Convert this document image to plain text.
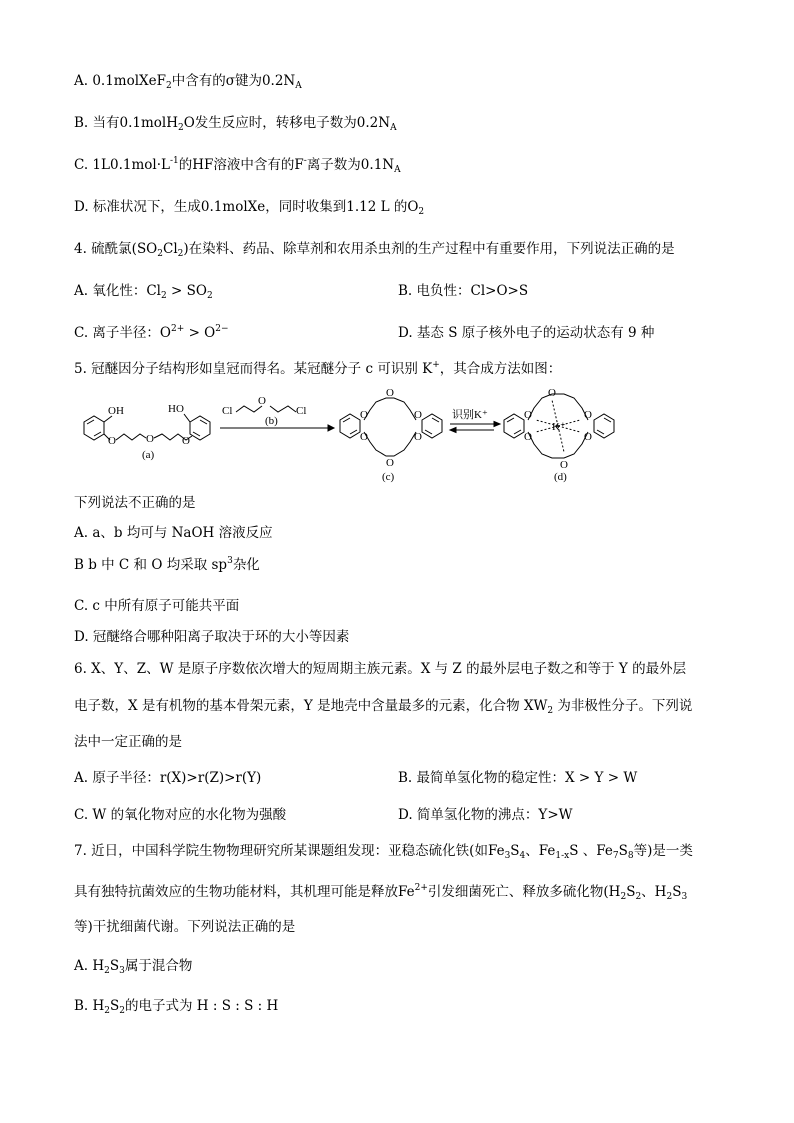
A. 0.1molXeF$_2$中含有的σ键为$0.2N_A$
B. 当有0.1molH$_2$O发生反应时，转移电子数为$0.2N_A$
C. $1L0.1mol\cdot L^{-1}$的HF溶液中含有的F-离子数为$0.1N_A$
D. 标准状况下，生成0.1molXe，同时收集到1.12 L 的$O_2$
4. 硫酰氯$(SO_2Cl_2)$在染料、药品、除草剂和农用杀虫剂的生产过程中有重要作用，下列说法正确的是
A. 氧化性：$Cl_2 > SO_2$	B. 电负性：Cl>O>S
C. 离子半径：$O^{2+} > O^{2-}$	D. 基态 S 原子核外电子的运动状态有 9 种
5. 冠醚因分子结构形如皇冠而得名。某冠醚分子 c 可识别 K+，其合成方法如图：
OH	HO
O	O	O
(a)
Cl
O
Cl
(b)	O	O
O	O
O
O
(c)
识别K⁺	O	O
O	O
O
O
K⁺
(d)
下列说法不正确的是
A. a、b 均可与 NaOH 溶液反应
B b 中 C 和 O 均采取 $sp^3$杂化
C. c 中所有原子可能共平面
D. 冠醚络合哪种阳离子取决于环的大小等因素
6. X、Y、Z、W 是原子序数依次增大的短周期主族元素。X 与 Z 的最外层电子数之和等于 Y 的最外层
电子数，X 是有机物的基本骨架元素，Y 是地壳中含量最多的元素，化合物 $XW_2$ 为非极性分子。下列说
法中一定正确的是
A. 原子半径：r(X)>r(Z)>r(Y)	B. 最简单氢化物的稳定性：X > Y > W
C. W 的氧化物对应的水化物为强酸	D. 简单氢化物的沸点：Y>W
7. 近日，中国科学院生物物理研究所某课题组发现：亚稳态硫化铁(如$Fe_3S_4$、$Fe_{1-x}S$ 、$Fe_7S_8$等)是一类
具有独特抗菌效应的生物功能材料，其机理可能是释放$Fe^{2+}$引发细菌死亡、释放多硫化物($H_2S_2$、$H_2S_3$
等)干扰细菌代谢。下列说法正确的是
A. $H_2S_3$属于混合物
B. $H_2S_2$的电子式为 H : S : S : H
